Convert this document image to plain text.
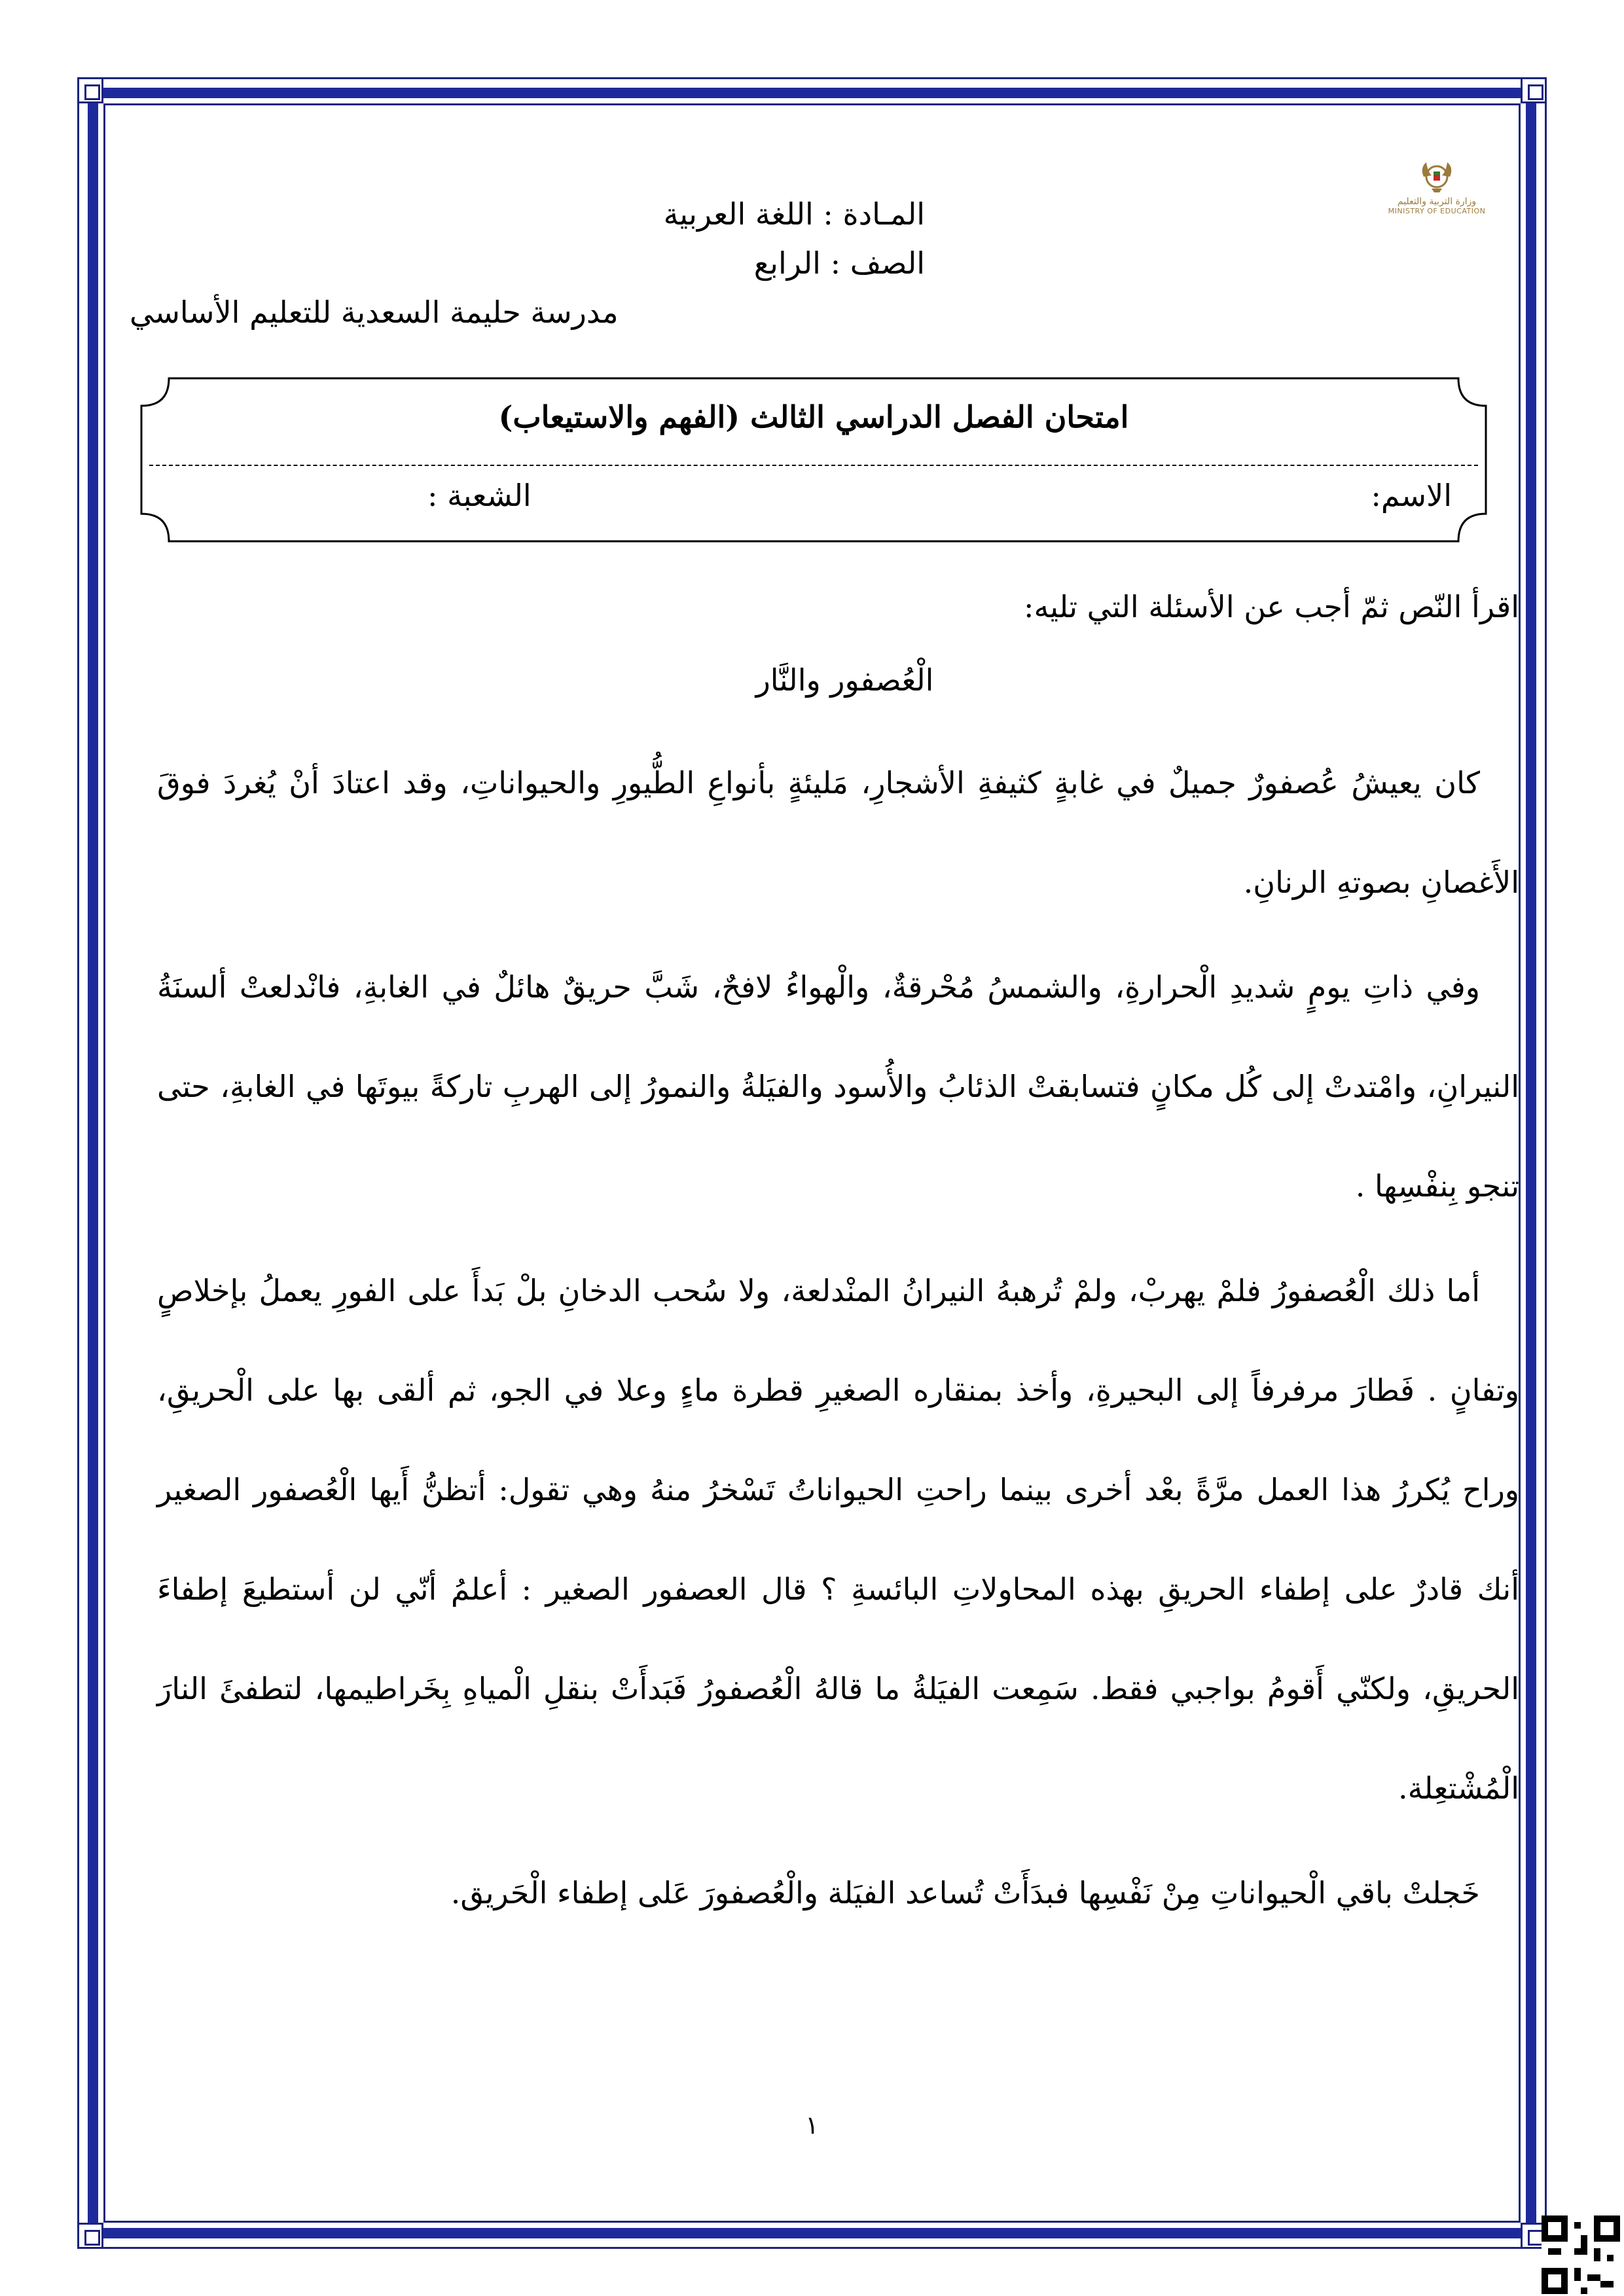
وزارة التربية والتعليم
MINISTRY OF EDUCATION
المـادة : اللغة العربية
الصف : الرابع
مدرسة حليمة السعدية للتعليم الأساسي
امتحان الفصل الدراسي الثالث (الفهم والاستيعاب)
الاسم:
الشعبة :
اقرأ النّص ثمّ أجب عن الأسئلة التي تليه:
الْعُصفور والنَّار

كان يعيشُ عُصفورٌ جميلٌ في غابةٍ كثيفةِ الأشجارِ، مَليئةٍ بأنواعِ الطُّيورِ والحيواناتِ، وقد اعتادَ أنْ يُغردَ فوقَ الأَغصانِ بصوتهِ الرنانِ.

وفي ذاتِ يومٍ شديدِ الْحرارةِ، والشمسُ مُحْرقةٌ، والْهواءُ لافحٌ، شَبَّ حريقٌ هائلٌ في الغابةِ، فانْدلعتْ ألسنَةُ النيرانِ، وامْتدتْ إلى كُل مكانٍ فتسابقتْ الذئابُ والأُسود والفيَلةُ والنمورُ إلى الهربِ تاركةً بيوتَها في الغابةِ، حتى تنجو بِنفْسِها .

أما ذلك الْعُصفورُ فلمْ يهربْ، ولمْ تُرهبهُ النيرانُ المنْدلعة، ولا سُحب الدخانِ بلْ بَدأَ على الفورِ يعملُ بإخلاصٍ وتفانٍ . فَطارَ مرفرفاً إلى البحيرةِ، وأخذ بمنقاره الصغيرِ قطرة ماءٍ وعلا في الجو، ثم ألقى بها على الْحريقِ، وراح يُكررُ هذا العمل مرَّةً بعْد أخرى بينما راحتِ الحيواناتُ تَسْخرُ منهُ وهي تقول: أتظنُّ أَيها الْعُصفور الصغير أنك قادرٌ على إطفاء الحريقِ بهذه المحاولاتِ البائسةِ ؟ قال العصفور الصغير : أعلمُ أنّي لن أستطيعَ إطفاءَ الحريقِ، ولكنّي أَقومُ بواجبي فقط. سَمِعت الفيَلةُ ما قالهُ الْعُصفورُ فَبَدأَتْ بنقلِ الْمياهِ بِخَراطيمها، لتطفئَ النارَ الْمُشْتعِلة.

خَجلتْ باقي الْحيواناتِ مِنْ نَفْسِها فبدَأَتْ تُساعد الفيَلة والْعُصفورَ عَلى إطفاء الْحَريق.

١
